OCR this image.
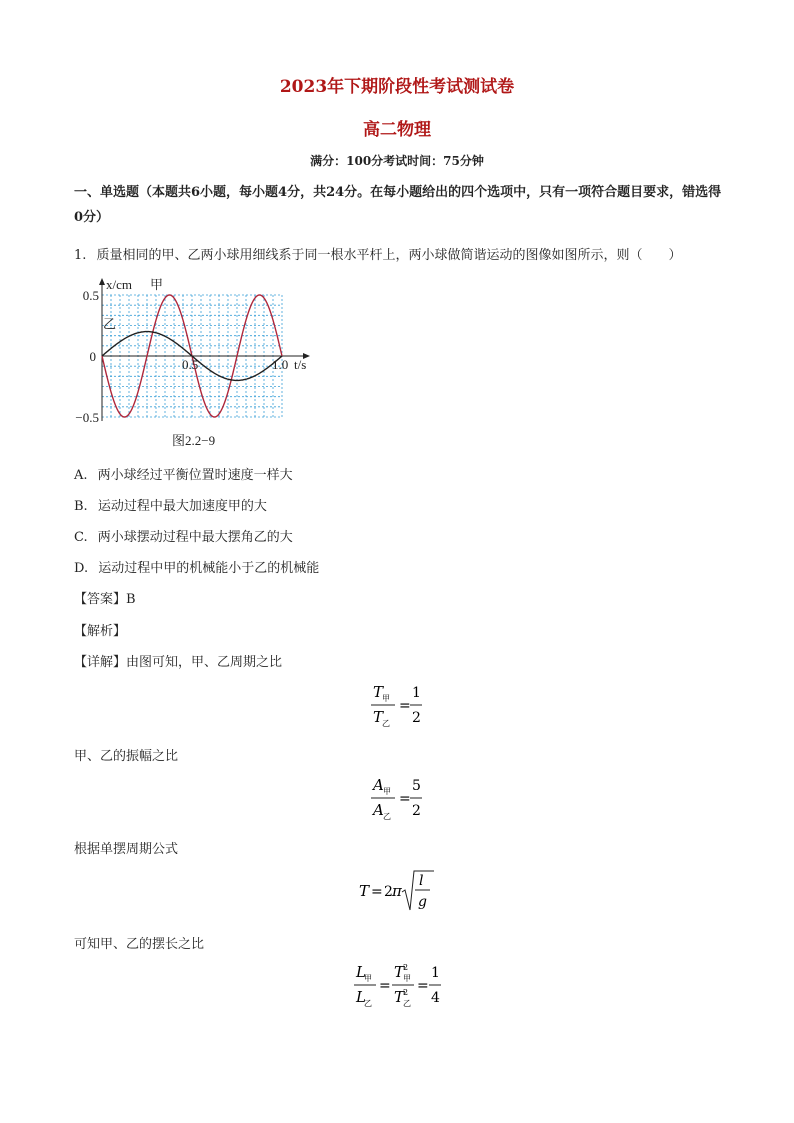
2023年下期阶段性考试测试卷
高二物理
满分：100分考试时间：75分钟
一、单选题（本题共6小题，每小题4分，共24分。在每小题给出的四个选项中，只有一项符合题目要求，错选得0分）
1. 质量相同的甲、乙两小球用细线系于同一根水平杆上，两小球做简谐运动的图像如图所示，则（　　）
0.5
0
−0.5
0.5	1.0
x/cm
t/s
甲
乙
图2.2−9
A. 两小球经过平衡位置时速度一样大
B. 运动过程中最大加速度甲的大
C. 两小球摆动过程中最大摆角乙的大
D. 运动过程中甲的机械能小于乙的机械能
【答案】B
【解析】
【详解】由图可知，甲、乙周期之比
T
甲
T
乙
=
1
2
甲、乙的振幅之比
A 甲
A 乙
=
5
2
根据单摆周期公式
T = 2 π
l
g
可知甲、乙的摆长之比
L
甲
L
乙
=
T
2
甲
T
2
乙
=
1
4
